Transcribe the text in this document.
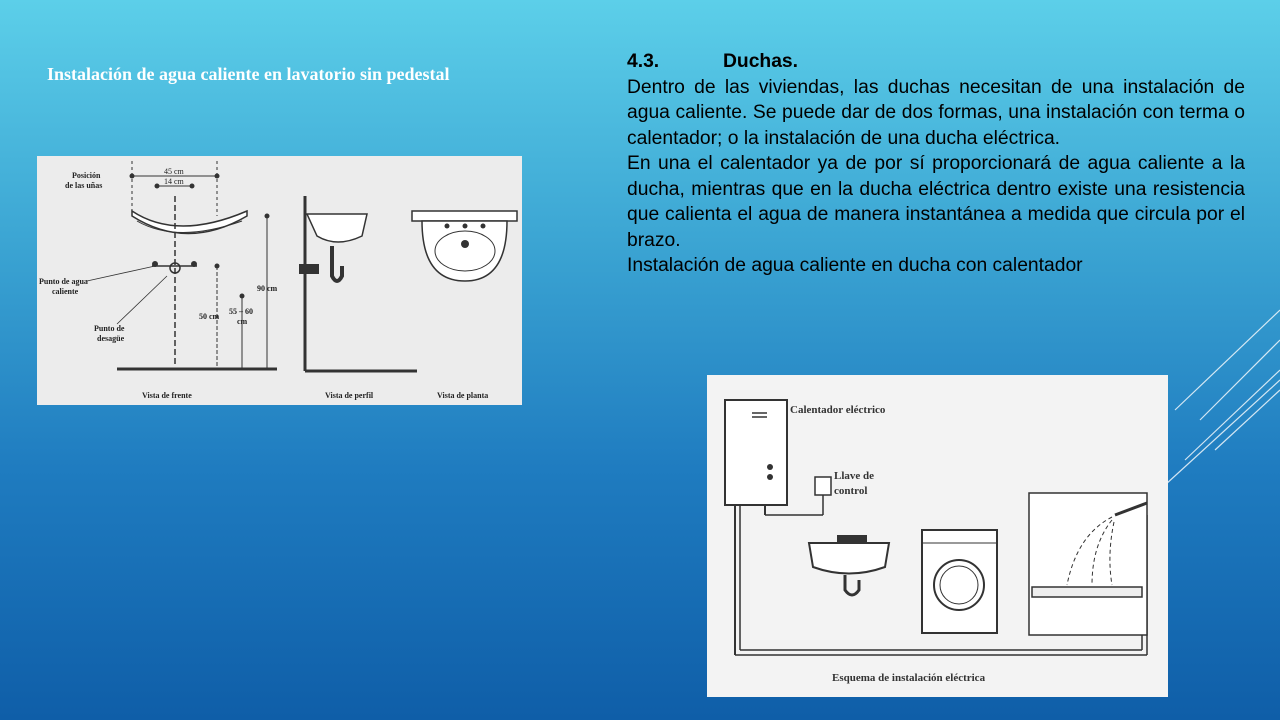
Instalación de agua caliente en lavatorio sin pedestal
45 cm
14 cm
Posición
de las uñas
Punto de agua
caliente
Punto de
desagüe
50 cm
55 – 60
cm
90 cm
Vista de frente	Vista de perfil	Vista de planta
4.3.	Duchas.
Dentro de las viviendas, las duchas necesitan de una instalación de agua caliente. Se puede dar de dos formas, una instalación con terma o calentador; o la instalación de una ducha eléctrica.
En una el calentador ya de por sí proporcionará de agua caliente a la ducha, mientras que en la ducha eléctrica dentro existe una resistencia que calienta el agua de manera instantánea a medida que circula por el brazo.
Instalación de agua caliente en ducha con calentador
Calentador eléctrico
Llave de
control
Esquema de instalación eléctrica
